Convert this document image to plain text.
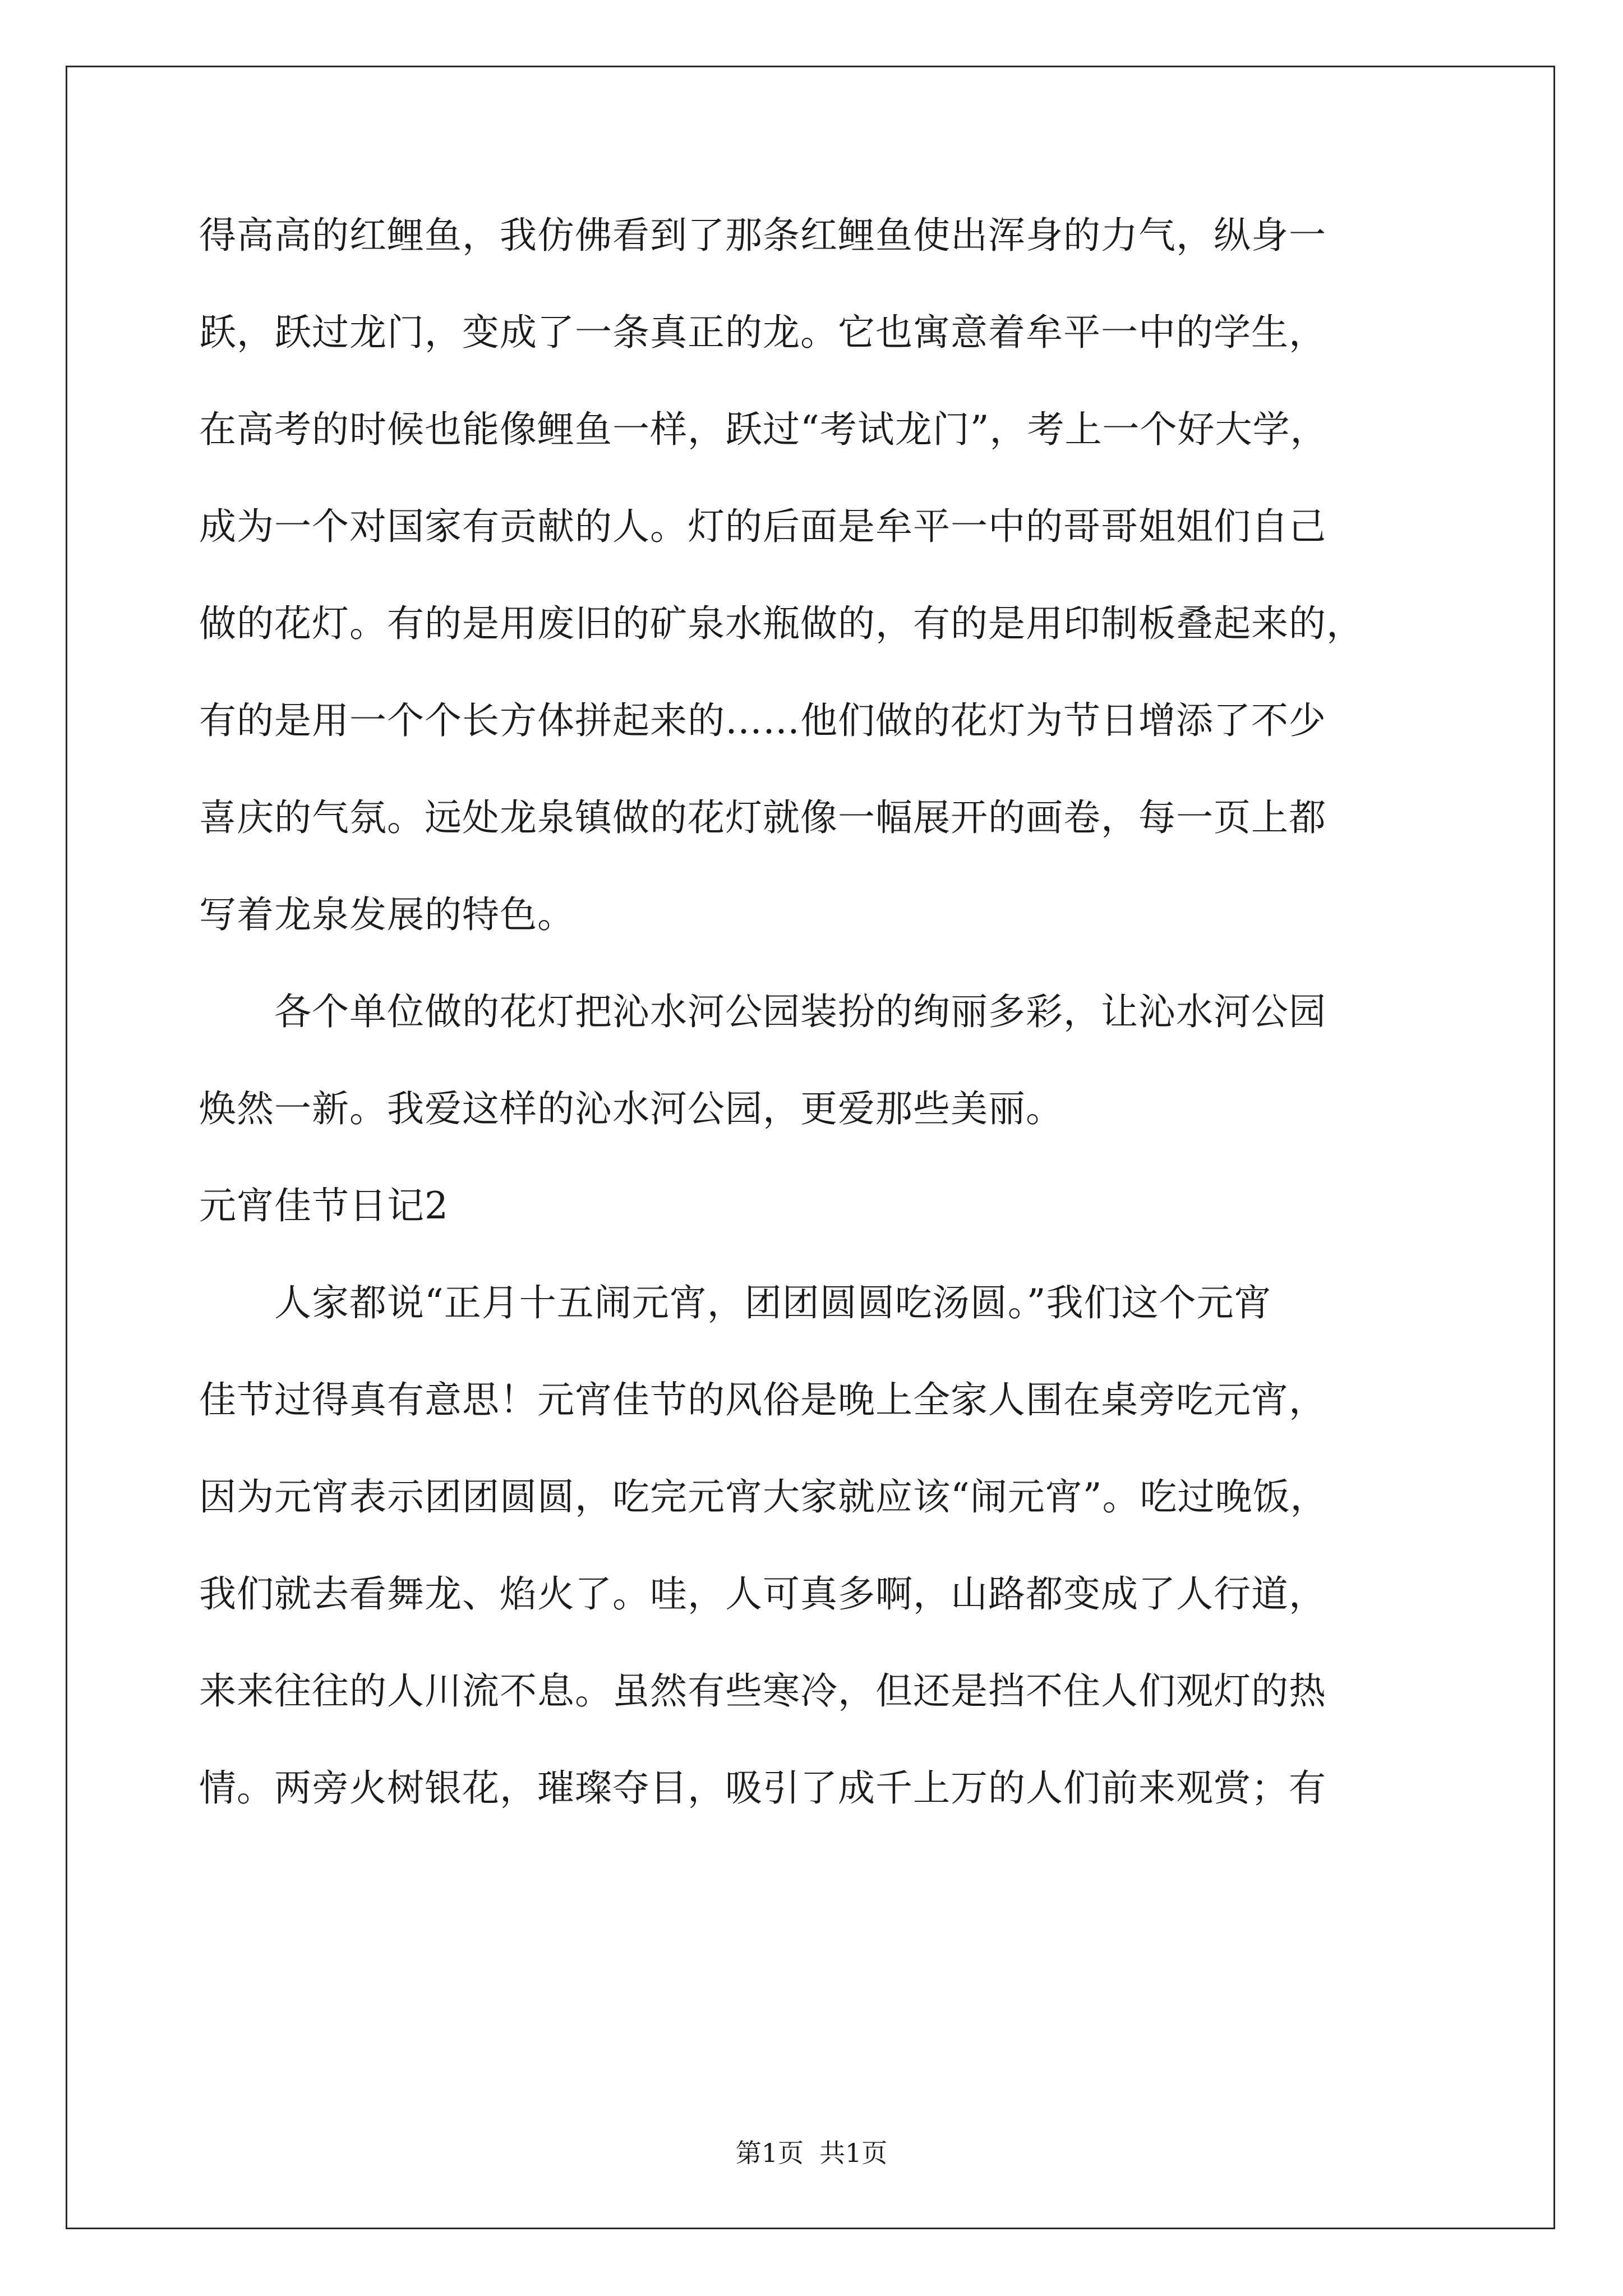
得高高的红鲤鱼，我仿佛看到了那条红鲤鱼使出浑身的力气，纵身一
跃，跃过龙门，变成了一条真正的龙。它也寓意着牟平一中的学生，
在高考的时候也能像鲤鱼一样，跃过“考试龙门”，考上一个好大学，
成为一个对国家有贡献的人。灯的后面是牟平一中的哥哥姐姐们自己
做的花灯。有的是用废旧的矿泉水瓶做的，有的是用印制板叠起来的，
有的是用一个个长方体拼起来的……他们做的花灯为节日增添了不少
喜庆的气氛。远处龙泉镇做的花灯就像一幅展开的画卷，每一页上都
写着龙泉发展的特色。
　　各个单位做的花灯把沁水河公园装扮的绚丽多彩，让沁水河公园
焕然一新。我爱这样的沁水河公园，更爱那些美丽。
元宵佳节日记2
　　人家都说“正月十五闹元宵，团团圆圆吃汤圆。”我们这个元宵
佳节过得真有意思！元宵佳节的风俗是晚上全家人围在桌旁吃元宵，
因为元宵表示团团圆圆，吃完元宵大家就应该“闹元宵”。吃过晚饭，
我们就去看舞龙、焰火了。哇，人可真多啊，山路都变成了人行道，
来来往往的人川流不息。虽然有些寒冷，但还是挡不住人们观灯的热
情。两旁火树银花，璀璨夺目，吸引了成千上万的人们前来观赏；有
第1页 共1页
